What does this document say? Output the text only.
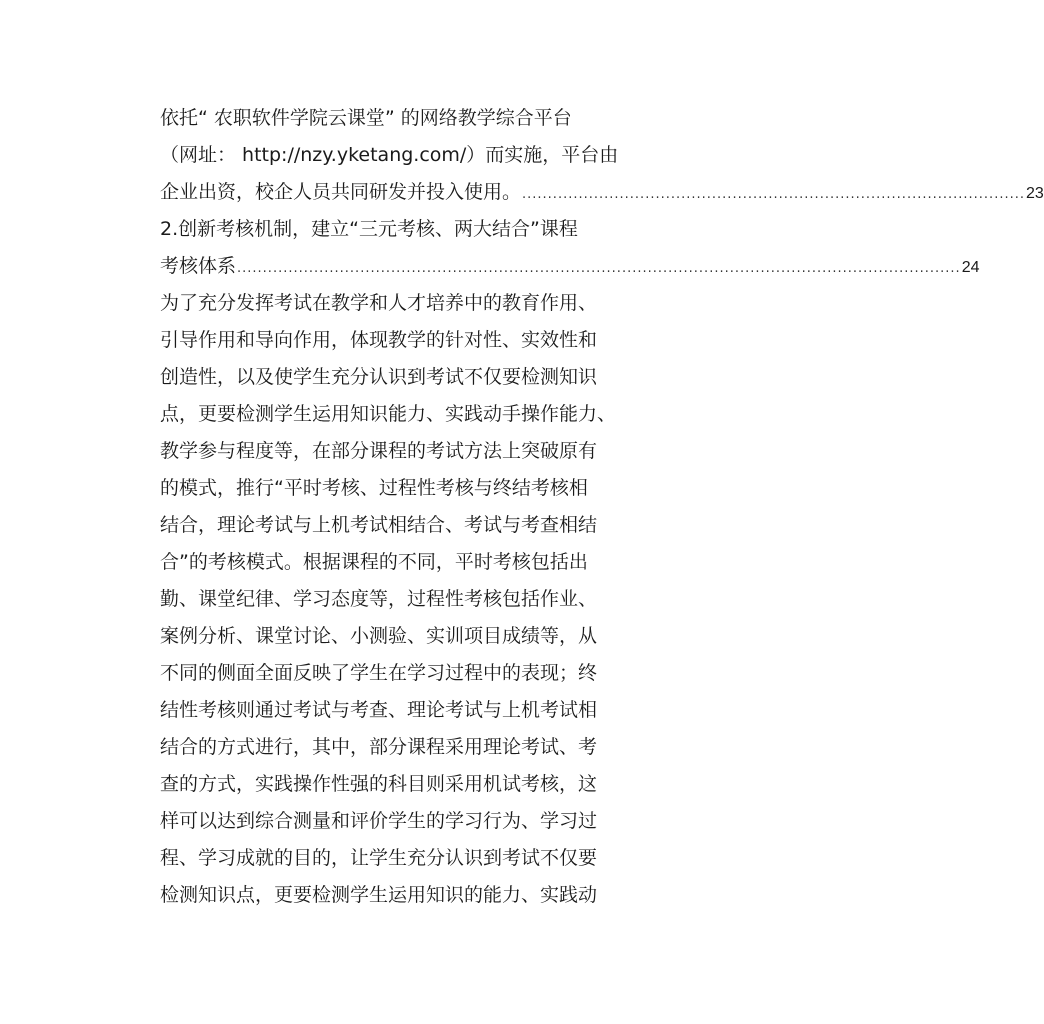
依托“ 农职软件学院云课堂” 的网络教学综合平台
（网址： http://nzy.yketang.com/）而实施，平台由
企业出资，校企人员共同研发并投入使用。 .................................................................................................. 23
2.创新考核机制，建立“三元考核、两大结合”课程
考核体系 ............................................................................................................................................. 24
为了充分发挥考试在教学和人才培养中的教育作用、
引导作用和导向作用，体现教学的针对性、实效性和
创造性，以及使学生充分认识到考试不仅要检测知识
点，更要检测学生运用知识能力、实践动手操作能力、
教学参与程度等，在部分课程的考试方法上突破原有
的模式，推行“平时考核、过程性考核与终结考核相
结合，理论考试与上机考试相结合、考试与考查相结
合”的考核模式。根据课程的不同，平时考核包括出
勤、课堂纪律、学习态度等，过程性考核包括作业、
案例分析、课堂讨论、小测验、实训项目成绩等，从
不同的侧面全面反映了学生在学习过程中的表现；终
结性考核则通过考试与考查、理论考试与上机考试相
结合的方式进行，其中，部分课程采用理论考试、考
查的方式，实践操作性强的科目则采用机试考核，这
样可以达到综合测量和评价学生的学习行为、学习过
程、学习成就的目的，让学生充分认识到考试不仅要
检测知识点，更要检测学生运用知识的能力、实践动
